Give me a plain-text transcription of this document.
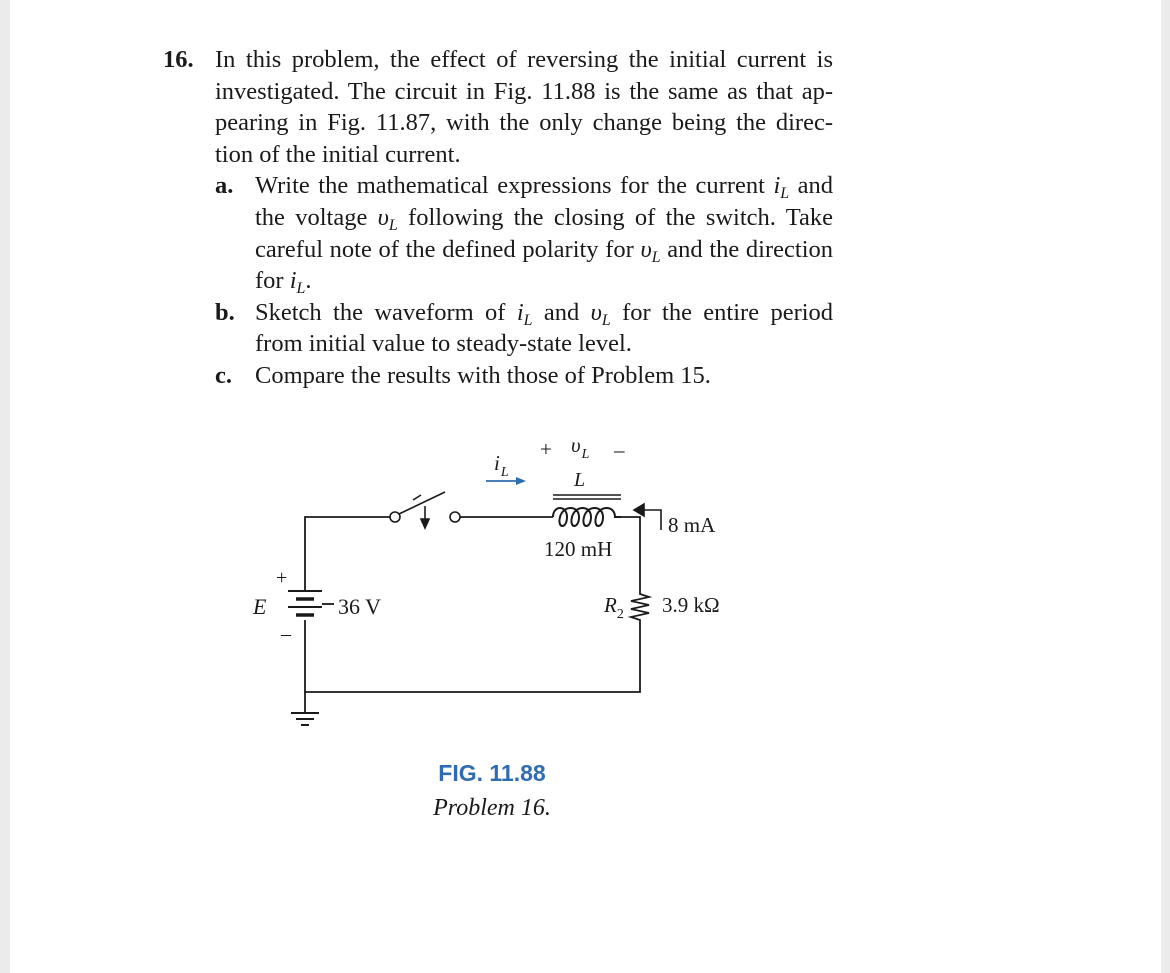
16. In this problem, the effect of reversing the initial current is investigated. The circuit in Fig. 11.88 is the same as that ap-pearing in Fig. 11.87, with the only change being the direc-tion of the initial current.
a. Write the mathematical expressions for the current $i_L$ and the voltage $\upsilon_L$ following the closing of the switch. Take careful note of the defined polarity for $\upsilon_L$ and the direction for $i_L$.
b. Sketch the waveform of $i_L$ and $\upsilon_L$ for the entire period from initial value to steady-state level.
c. Compare the results with those of Problem 15.
+
–
E	36 V
$i_L$
+ $\upsilon_L$ –
L
120 mH
8 mA
$R_2$ 3.9 kΩ
FIG. 11.88
Problem 16.
